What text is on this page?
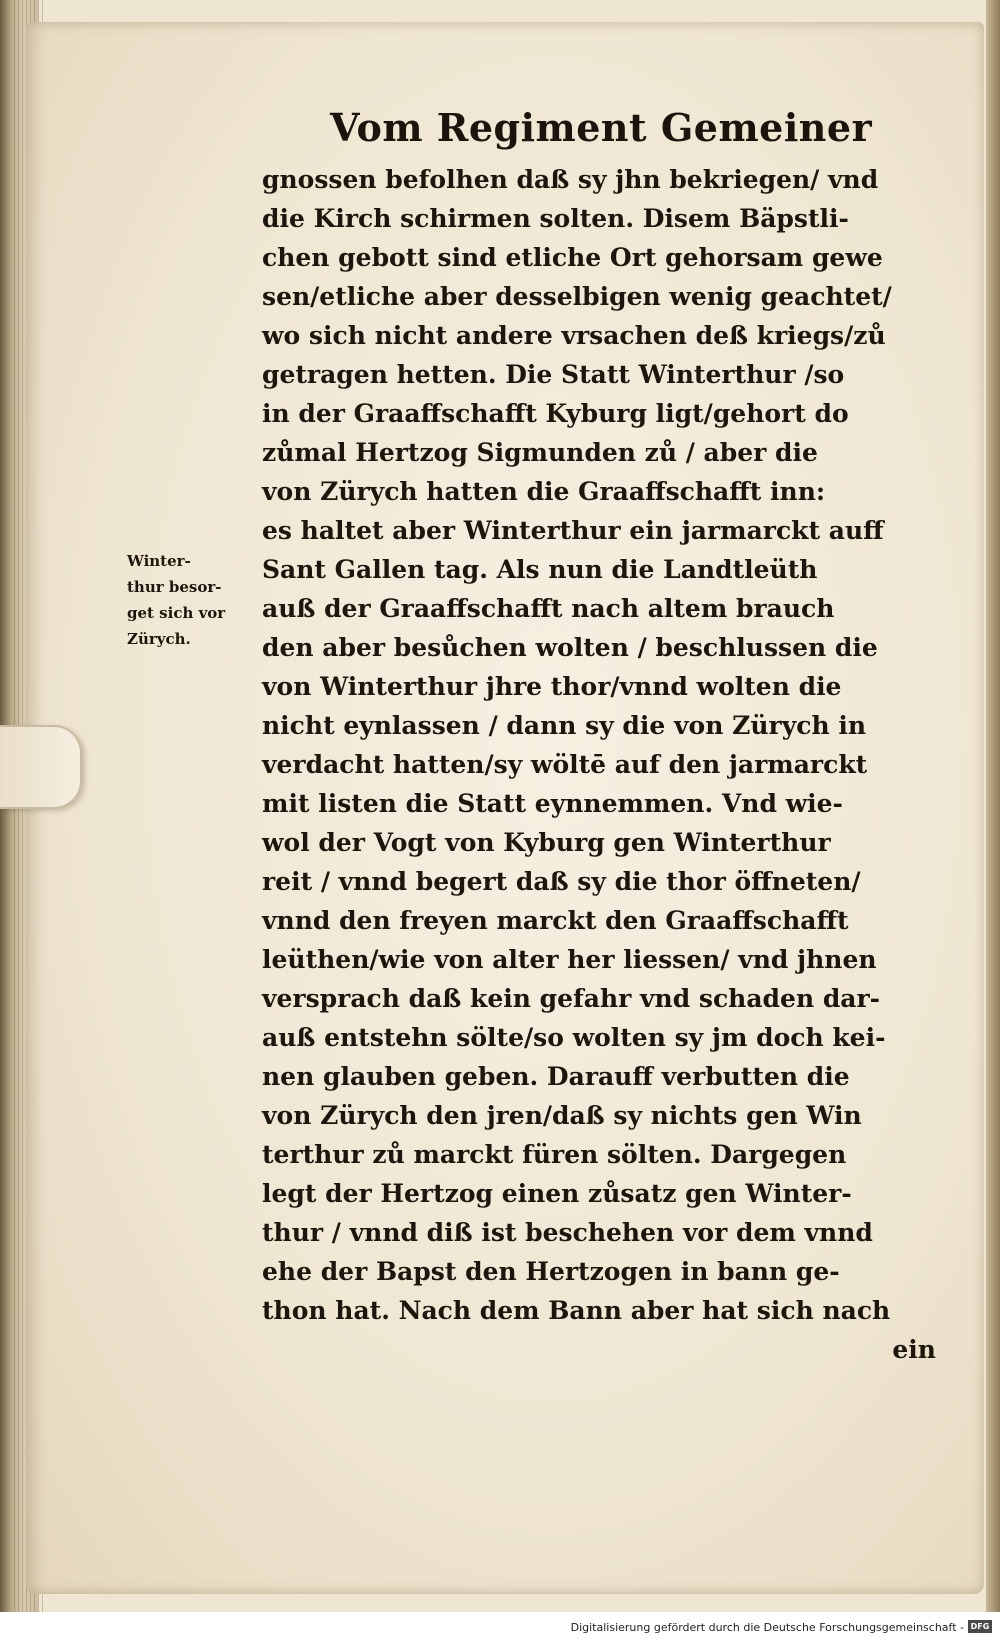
Vom Regiment Gemeiner
Winter-
thur besor-
get sich vor
Zürych.
gnossen befolhen daß sy jhn bekriegen/ vnd
die Kirch schirmen solten. Disem Bäpstli-
chen gebott sind etliche Ort gehorsam gewe
sen/etliche aber desselbigen wenig geachtet/
wo sich nicht andere vrsachen deß kriegs/zů
getragen hetten. Die Statt Winterthur /so
in der Graaffschafft Kyburg ligt/gehort do
zůmal Hertzog Sigmunden zů / aber die
von Zürych hatten die Graaffschafft inn:
es haltet aber Winterthur ein jarmarckt auff
Sant Gallen tag. Als nun die Landtleüth
auß der Graaffschafft nach altem brauch
den aber besůchen wolten / beschlussen die
von Winterthur jhre thor/vnnd wolten die
nicht eynlassen / dann sy die von Zürych in
verdacht hatten/sy wöltē auf den jarmarckt
mit listen die Statt eynnemmen. Vnd wie-
wol der Vogt von Kyburg gen Winterthur
reit / vnnd begert daß sy die thor öffneten/
vnnd den freyen marckt den Graaffschafft
leüthen/wie von alter her liessen/ vnd jhnen
versprach daß kein gefahr vnd schaden dar-
auß entstehn sölte/so wolten sy jm doch kei-
nen glauben geben. Darauff verbutten die
von Zürych den jren/daß sy nichts gen Win
terthur zů marckt füren sölten. Dargegen
legt der Hertzog einen zůsatz gen Winter-
thur / vnnd diß ist beschehen vor dem vnnd
ehe der Bapst den Hertzogen in bann ge-
thon hat. Nach dem Bann aber hat sich nach
ein
Digitalisierung gefördert durch die Deutsche Forschungsgemeinschaft - DFG
